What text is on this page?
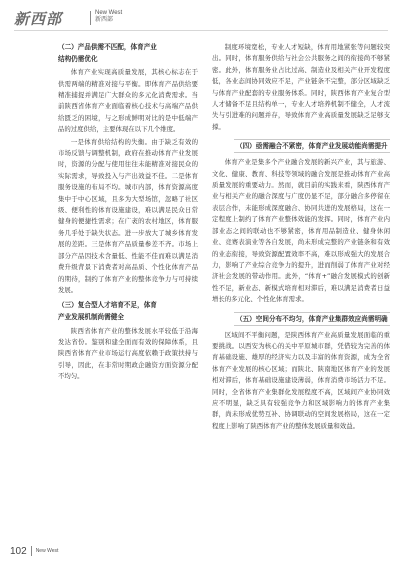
新西部	New West
新西部
（二）产品供需不匹配，体育产业
结构仍需优化

体育产业实现高质量发展，其核心标志在于供需两端的精准对接与平衡。即体育产品供给要精准捕捉并满足广大群众的多元化消费需求。当前陕西省体育产业面临着核心技术与高端产品供给匮乏的困境，与之形成鲜明对比的是中低端产品的过度供给，主要体现在以下几个维度。

一是体育供给结构的失衡。由于缺乏有效的市场反馈与调整机制，政府在推动体育产业发展时，资源的分配与使用往往未能精准对接民众的实际需求，导致投入与产出效益不佳。二是体育服务设施的布局不均。城市内部，体育资源高度集中于中心区域，且多为大型场馆，忽略了社区级、便利性的体育设施建设，难以满足民众日常健身的便捷性需求；在广袤的农村地区，体育服务几乎处于缺失状态。进一步放大了城乡体育发展的差距。三是体育产品质量参差不齐。市场上部分产品因技术含量低、性能不佳而难以满足消费升级背景下消费者对高品质、个性化体育产品的期待，制约了体育产业的整体竞争力与可持续发展。

（三）复合型人才培育不足，体育
产业发展机制尚需健全

陕西省体育产业的整体发展水平较低于沿海发达省份。鉴别和建全面而有效的保障体系，且陕西省体育产业市场运行高度依赖于政策扶持与引导，因此，在非常时期政企融资方面资源分配不均匀。

制度环境宽松，专业人才短缺，体育用地紧张等问题较突出。同时，体育服务供给与社会公共服务之间的衔接尚不够紧密。此外，体育服务业占比过高、制造业及相关产业开发程度低，各业态间协同效应不足，产业链条不完整，部分区域缺乏与体育产业配套的专业服务体系。同时，陕西体育产业复合型人才储备不足且结构单一，专业人才培养机制不健全，人才流失与引进难的问题并存，导致体育产业高质量发展缺乏足够支撑。

（四）亟需融合不紧密，体育产业发展动能尚需提升

体育产业是集多个产业融合发展的新兴产业，其与旅游、文化、健康、教育、科技等领域的融合发展是推动体育产业高质量发展的重要动力。然而，就目前的实践来看，陕西体育产业与相关产业的融合深度与广度仍显不足，部分融合多停留在表层合作，未能形成深度融合、协同共进的发展格局，这在一定程度上制约了体育产业整体效能的发挥。同时，体育产业内部业态之间的联动也不够紧密，体育用品制造业、健身休闲业、竞赛表演业等各自发展，尚未形成完整的产业链条和有效的业态衔接，导致资源配置效率不高，难以形成强大的发展合力，影响了产业综合竞争力的提升，进而削弱了体育产业对经济社会发展的带动作用。此外，“体育+”融合发展模式的创新性不足，新业态、新模式培育相对滞后，难以满足消费者日益增长的多元化、个性化体育需求。

（五）空间分布不均匀，体育产业集群效应尚需明确

区域间不平衡问题，是陕西体育产业高质量发展面临的重要挑战。以西安为核心的关中平原城市群，凭借较为完善的体育基础设施、雄厚的经济实力以及丰富的体育资源，成为全省体育产业发展的核心区域；而陕北、陕南地区体育产业的发展相对滞后，体育基础设施建设薄弱，体育消费市场活力不足。同时，全省体育产业集群化发展程度不高，区域间产业协同效应不明显，缺乏具有较强竞争力和区域影响力的体育产业集群，尚未形成优势互补、协调联动的空间发展格局，这在一定程度上影响了陕西体育产业的整体发展质量和效益。

102 New West
